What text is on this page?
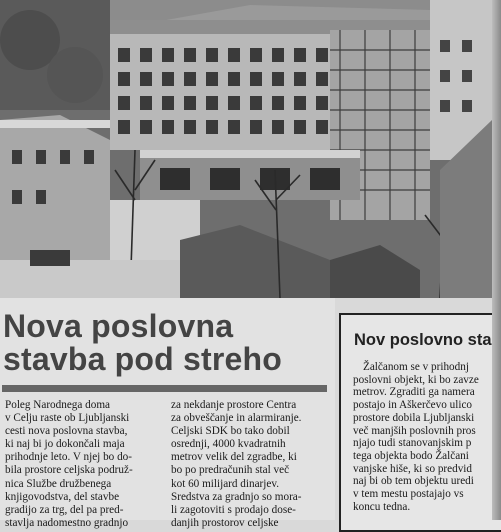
Nova poslovna
stavba pod streho
Poleg Narodnega doma
v Celju raste ob Ljubljanski
cesti nova poslovna stavba,
ki naj bi jo dokončali maja
prihodnje leto. V njej bo do-
bila prostore celjska podruž-
nica Službe družbenega
knjigovodstva, del stavbe
gradijo za trg, del pa pred-
stavlja nadomestno gradnjo
za nekdanje prostore Centra
za obveščanje in alarmiranje.
Celjski SDK bo tako dobil
osrednji, 4000 kvadratnih
metrov velik del zgradbe, ki
bo po predračunih stal več
kot 60 milijard dinarjev.
Sredstva za gradnjo so mora-
li zagotoviti s prodajo dose-
danjih prostorov celjske
Nov poslovno sta
Žalčanom se v prihodnj
poslovni objekt, ki bo zavze
metrov. Zgraditi ga namera
postajo in Aškerčevo ulico
prostore dobila Ljubljanski
več manjših poslovnih pros
njajo tudi stanovanjskim p
tega objekta bodo Žalčani
vanjske hiše, ki so predvid
naj bi ob tem objektu uredi
v tem mestu postajajo vs
koncu tedna.
